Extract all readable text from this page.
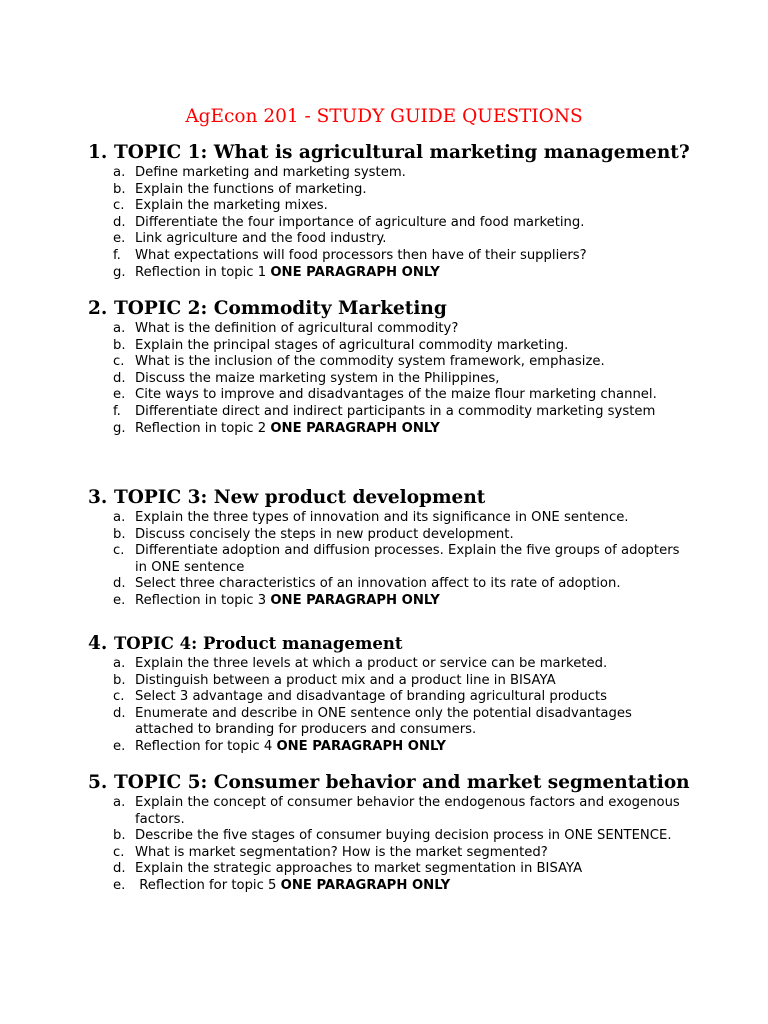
AgEcon 201 - STUDY GUIDE QUESTIONS
1. TOPIC 1: What is agricultural marketing management?
a. Define marketing and marketing system.
b. Explain the functions of marketing.
c. Explain the marketing mixes.
d. Differentiate the four importance of agriculture and food marketing.
e. Link agriculture and the food industry.
f. What expectations will food processors then have of their suppliers?
g. Reflection in topic 1 ONE PARAGRAPH ONLY
2. TOPIC 2: Commodity Marketing
a. What is the definition of agricultural commodity?
b. Explain the principal stages of agricultural commodity marketing.
c. What is the inclusion of the commodity system framework, emphasize.
d. Discuss the maize marketing system in the Philippines,
e. Cite ways to improve and disadvantages of the maize flour marketing channel.
f. Differentiate direct and indirect participants in a commodity marketing system
g. Reflection in topic 2 ONE PARAGRAPH ONLY
3. TOPIC 3: New product development
a. Explain the three types of innovation and its significance in ONE sentence.
b. Discuss concisely the steps in new product development.
c. Differentiate adoption and diffusion processes. Explain the five groups of adopters in ONE sentence
d. Select three characteristics of an innovation affect to its rate of adoption.
e. Reflection in topic 3 ONE PARAGRAPH ONLY
4. TOPIC 4: Product management
a. Explain the three levels at which a product or service can be marketed.
b. Distinguish between a product mix and a product line in BISAYA
c. Select 3 advantage and disadvantage of branding agricultural products
d. Enumerate and describe in ONE sentence only the potential disadvantages attached to branding for producers and consumers.
e. Reflection for topic 4 ONE PARAGRAPH ONLY
5. TOPIC 5: Consumer behavior and market segmentation
a. Explain the concept of consumer behavior the endogenous factors and exogenous factors.
b. Describe the five stages of consumer buying decision process in ONE SENTENCE.
c. What is market segmentation? How is the market segmented?
d. Explain the strategic approaches to market segmentation in BISAYA
e. Reflection for topic 5 ONE PARAGRAPH ONLY
